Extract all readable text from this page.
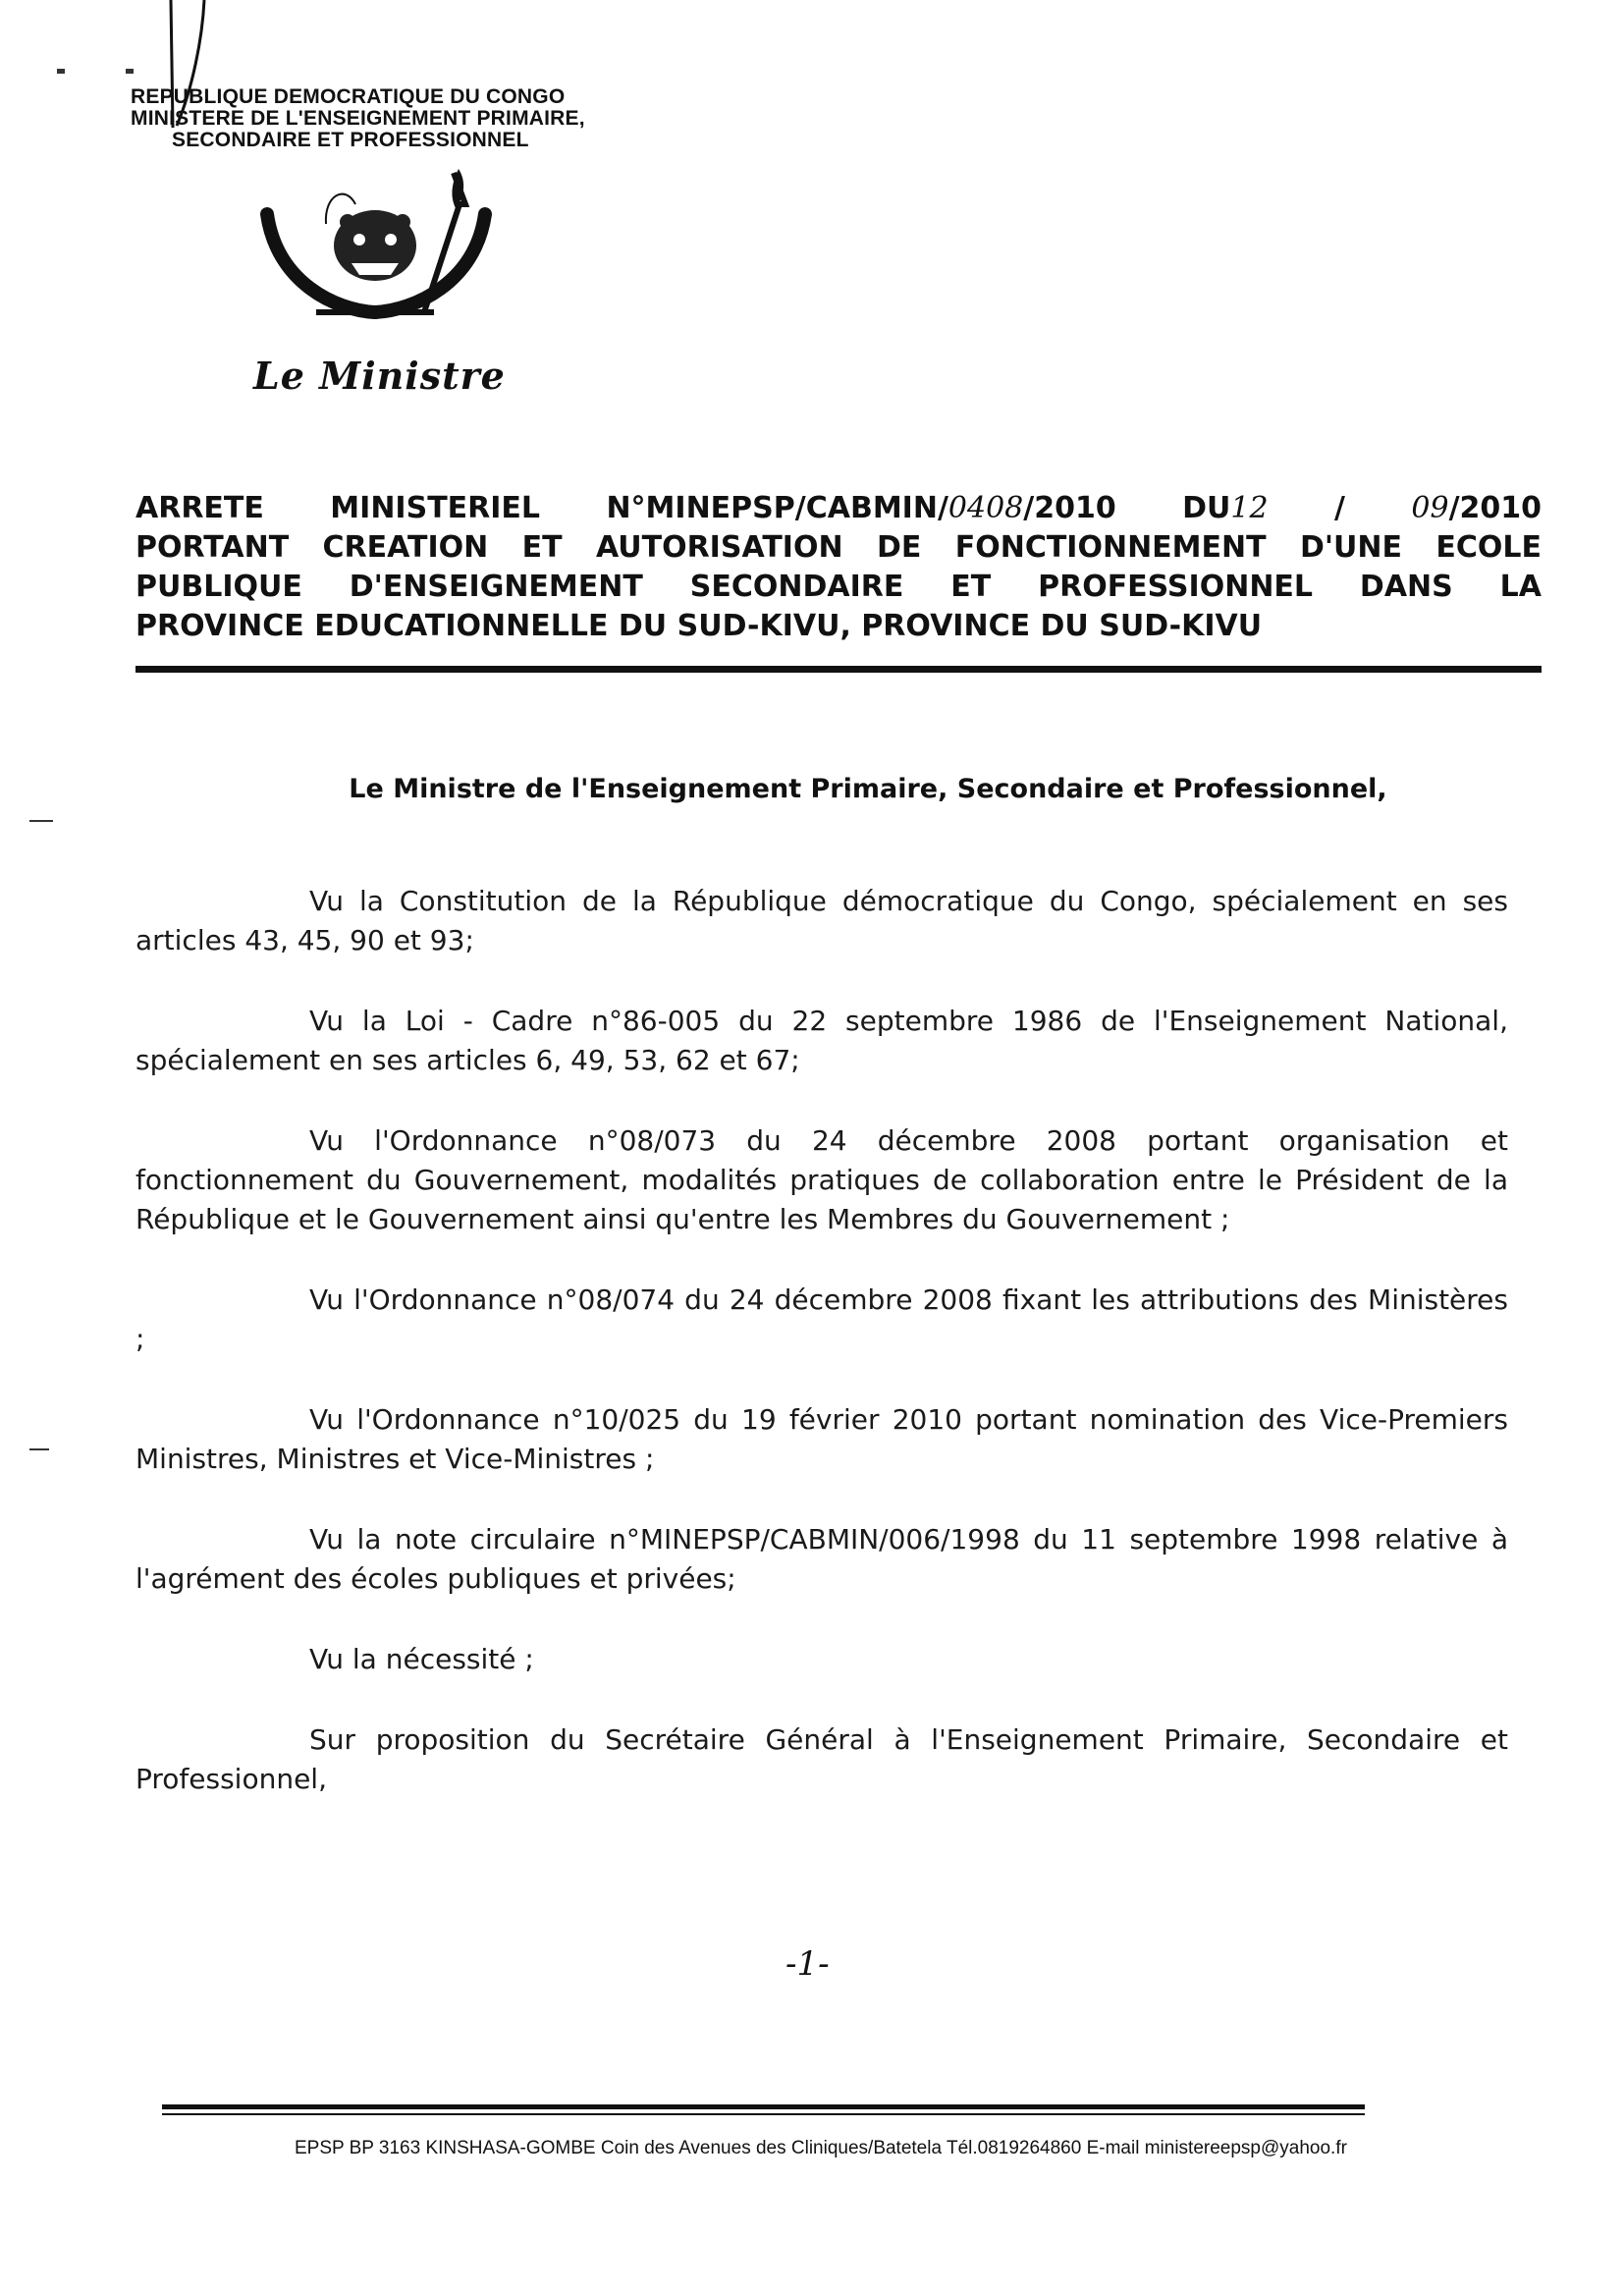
REPUBLIQUE DEMOCRATIQUE DU CONGO
MINISTERE DE L'ENSEIGNEMENT PRIMAIRE,
SECONDAIRE ET PROFESSIONNEL
Le Ministre
ARRETE MINISTERIEL N°MINEPSP/CABMIN/0408/2010 DU12 / 09/2010
PORTANT CREATION ET AUTORISATION DE FONCTIONNEMENT D'UNE ECOLE
PUBLIQUE D'ENSEIGNEMENT SECONDAIRE ET PROFESSIONNEL DANS LA
PROVINCE EDUCATIONNELLE DU SUD-KIVU, PROVINCE DU SUD-KIVU
Le Ministre de l'Enseignement Primaire, Secondaire et Professionnel,

Vu la Constitution de la République démocratique du Congo, spécialement en ses articles 43, 45, 90 et 93;

Vu la Loi - Cadre n°86-005 du 22 septembre 1986 de l'Enseignement National, spécialement en ses articles 6, 49, 53, 62 et 67;

Vu l'Ordonnance n°08/073 du 24 décembre 2008 portant organisation et fonctionnement du Gouvernement, modalités pratiques de collaboration entre le Président de la République et le Gouvernement ainsi qu'entre les Membres du Gouvernement ;

Vu l'Ordonnance n°08/074 du 24 décembre 2008 fixant les attributions des Ministères ;

Vu l'Ordonnance n°10/025 du 19 février 2010 portant nomination des Vice-Premiers Ministres, Ministres et Vice-Ministres ;

Vu la note circulaire n°MINEPSP/CABMIN/006/1998 du 11 septembre 1998 relative à l'agrément des écoles publiques et privées;

Vu la nécessité ;

Sur proposition du Secrétaire Général à l'Enseignement Primaire, Secondaire et Professionnel,

-1-
EPSP BP 3163 KINSHASA-GOMBE Coin des Avenues des Cliniques/Batetela Tél.0819264860 E-mail ministereepsp@yahoo.fr
